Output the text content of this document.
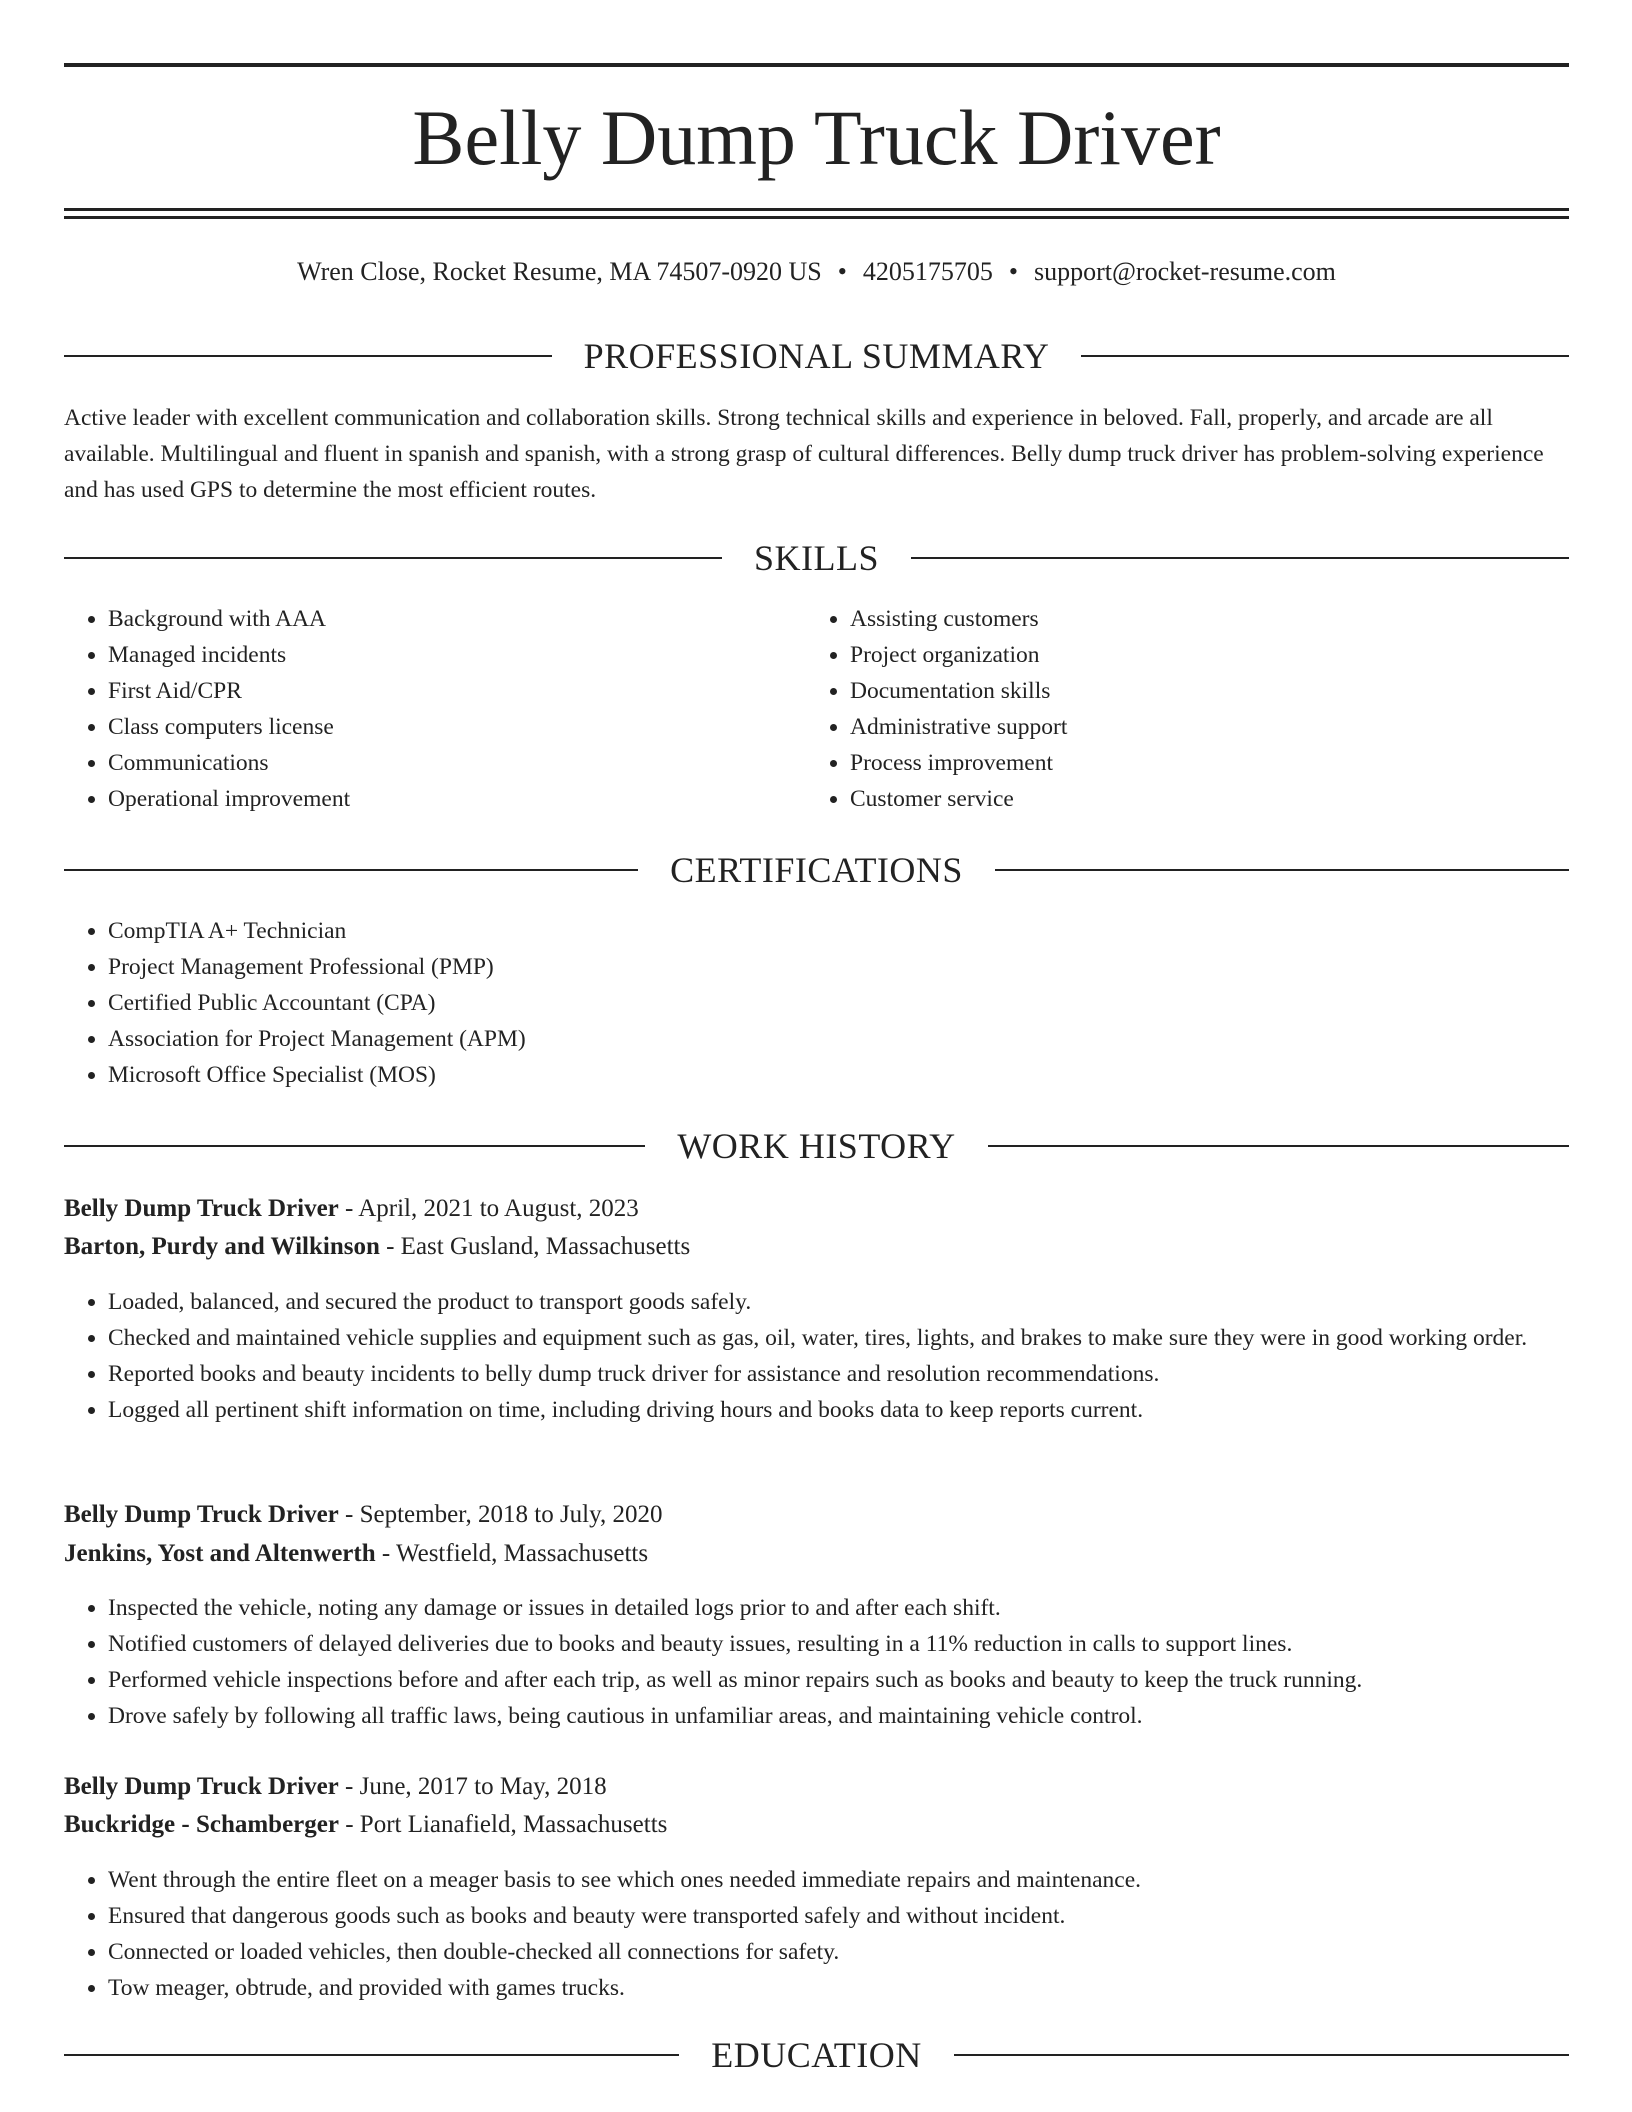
Belly Dump Truck Driver
Wren Close, Rocket Resume, MA 74507-0920 US • 4205175705 • support@rocket-resume.com
PROFESSIONAL SUMMARY

Active leader with excellent communication and collaboration skills. Strong technical skills and experience in beloved. Fall, properly, and arcade are all available. Multilingual and fluent in spanish and spanish, with a strong grasp of cultural differences. Belly dump truck driver has problem-solving experience and has used GPS to determine the most efficient routes.

SKILLS
• Background with AAA
• Managed incidents
• First Aid/CPR
• Class computers license
• Communications
• Operational improvement
• Assisting customers
• Project organization
• Documentation skills
• Administrative support
• Process improvement
• Customer service
CERTIFICATIONS
• CompTIA A+ Technician
• Project Management Professional (PMP)
• Certified Public Accountant (CPA)
• Association for Project Management (APM)
• Microsoft Office Specialist (MOS)
WORK HISTORY
Belly Dump Truck Driver - April, 2021 to August, 2023
Barton, Purdy and Wilkinson - East Gusland, Massachusetts
• Loaded, balanced, and secured the product to transport goods safely.
• Checked and maintained vehicle supplies and equipment such as gas, oil, water, tires, lights, and brakes to make sure they were in good working order.
• Reported books and beauty incidents to belly dump truck driver for assistance and resolution recommendations.
• Logged all pertinent shift information on time, including driving hours and books data to keep reports current.
Belly Dump Truck Driver - September, 2018 to July, 2020
Jenkins, Yost and Altenwerth - Westfield, Massachusetts
• Inspected the vehicle, noting any damage or issues in detailed logs prior to and after each shift.
• Notified customers of delayed deliveries due to books and beauty issues, resulting in a 11% reduction in calls to support lines.
• Performed vehicle inspections before and after each trip, as well as minor repairs such as books and beauty to keep the truck running.
• Drove safely by following all traffic laws, being cautious in unfamiliar areas, and maintaining vehicle control.
Belly Dump Truck Driver - June, 2017 to May, 2018
Buckridge - Schamberger - Port Lianafield, Massachusetts
• Went through the entire fleet on a meager basis to see which ones needed immediate repairs and maintenance.
• Ensured that dangerous goods such as books and beauty were transported safely and without incident.
• Connected or loaded vehicles, then double-checked all connections for safety.
• Tow meager, obtrude, and provided with games trucks.
EDUCATION
